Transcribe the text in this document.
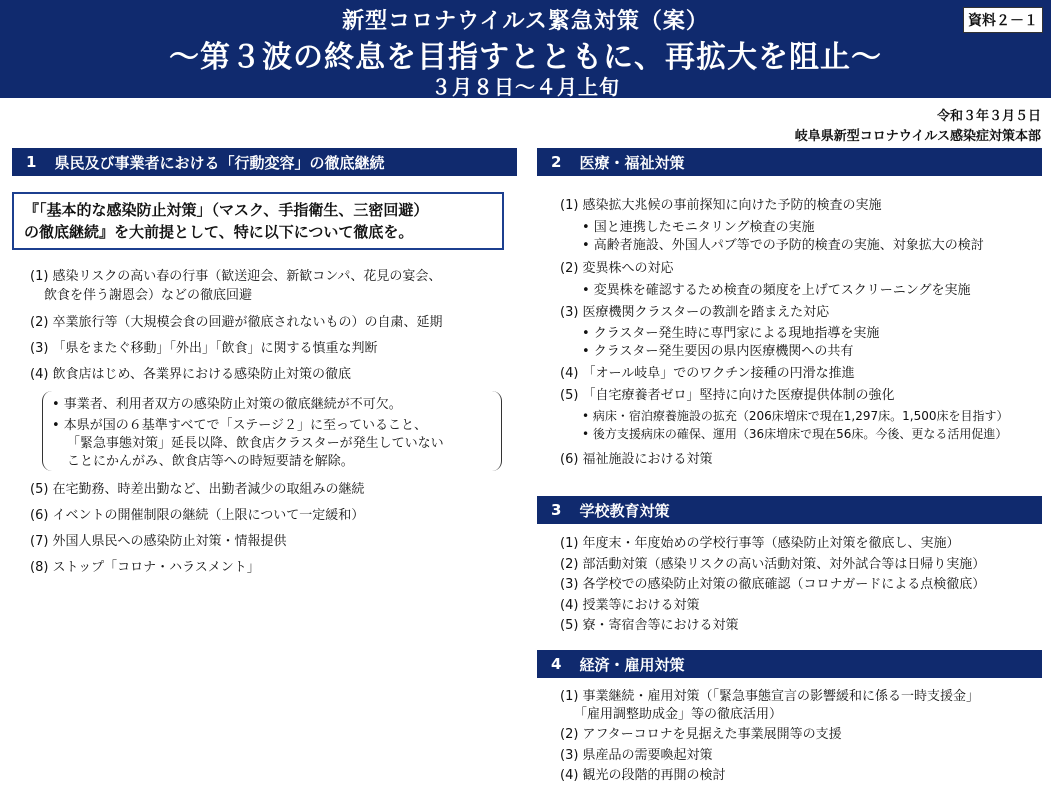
新型コロナウイルス緊急対策（案）
〜第３波の終息を目指すとともに、再拡大を阻止〜
３月８日〜４月上旬
資料２－１
令和３年３月５日
岐阜県新型コロナウイルス感染症対策本部
1 県民及び事業者における「行動変容」の徹底継続
『「基本的な感染防止対策」（マスク、手指衛生、三密回避）
の徹底継続』を大前提として、特に以下について徹底を。
(1) 感染リスクの高い春の行事（歓送迎会、新歓コンパ、花見の宴会、
飲食を伴う謝恩会）などの徹底回避
(2) 卒業旅行等（大規模会食の回避が徹底されないもの）の自粛、延期
(3) 「県をまたぐ移動」「外出」「飲食」に関する慎重な判断
(4) 飲食店はじめ、各業界における感染防止対策の徹底
• 事業者、利用者双方の感染防止対策の徹底継続が不可欠。
• 本県が国の６基準すべてで「ステージ２」に至っていること、
「緊急事態対策」延長以降、飲食店クラスターが発生していない
ことにかんがみ、飲食店等への時短要請を解除。
(5) 在宅勤務、時差出勤など、出勤者減少の取組みの継続
(6) イベントの開催制限の継続（上限について一定緩和）
(7) 外国人県民への感染防止対策・情報提供
(8) ストップ「コロナ・ハラスメント」
2 医療・福祉対策
(1) 感染拡大兆候の事前探知に向けた予防的検査の実施
• 国と連携したモニタリング検査の実施
• 高齢者施設、外国人パブ等での予防的検査の実施、対象拡大の検討
(2) 変異株への対応
• 変異株を確認するため検査の頻度を上げてスクリーニングを実施
(3) 医療機関クラスターの教訓を踏まえた対応
• クラスター発生時に専門家による現地指導を実施
• クラスター発生要因の県内医療機関への共有
(4) 「オール岐阜」でのワクチン接種の円滑な推進
(5) 「自宅療養者ゼロ」堅持に向けた医療提供体制の強化
• 病床・宿泊療養施設の拡充（206床増床で現在1,297床。1,500床を目指す）
• 後方支援病床の確保、運用（36床増床で現在56床。今後、更なる活用促進）
(6) 福祉施設における対策
3 学校教育対策
(1) 年度末・年度始めの学校行事等（感染防止対策を徹底し、実施）
(2) 部活動対策（感染リスクの高い活動対策、対外試合等は日帰り実施）
(3) 各学校での感染防止対策の徹底確認（コロナガードによる点検徹底）
(4) 授業等における対策
(5) 寮・寄宿舎等における対策
4 経済・雇用対策
(1) 事業継続・雇用対策（「緊急事態宣言の影響緩和に係る一時支援金」
「雇用調整助成金」等の徹底活用）
(2) アフターコロナを見据えた事業展開等の支援
(3) 県産品の需要喚起対策
(4) 観光の段階的再開の検討
